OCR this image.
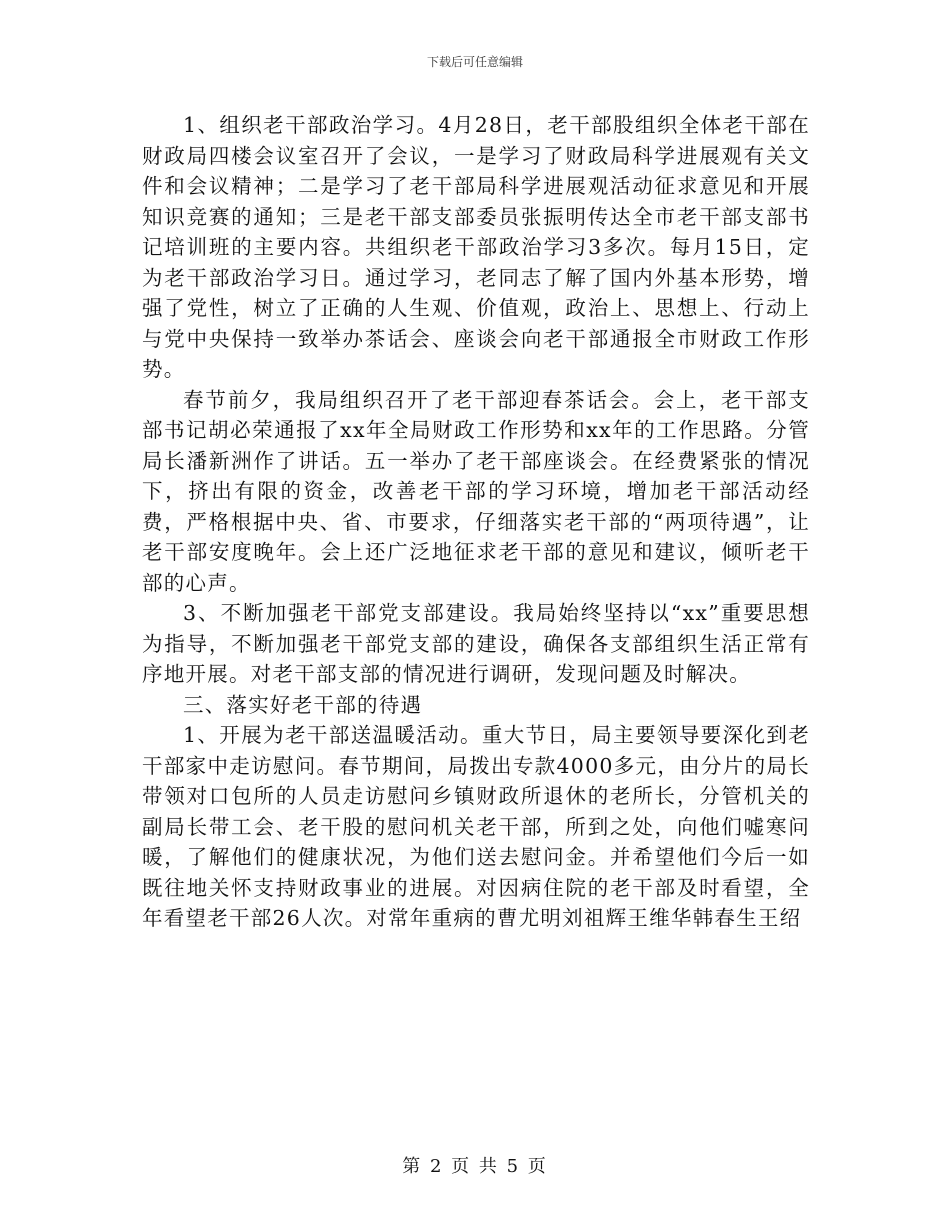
下载后可任意编辑

1、组织老干部政治学习。4月28日，老干部股组织全体老干部在财政局四楼会议室召开了会议，一是学习了财政局科学进展观有关文件和会议精神；二是学习了老干部局科学进展观活动征求意见和开展知识竞赛的通知；三是老干部支部委员张振明传达全市老干部支部书记培训班的主要内容。共组织老干部政治学习3多次。每月15日，定为老干部政治学习日。通过学习，老同志了解了国内外基本形势，增强了党性，树立了正确的人生观、价值观，政治上、思想上、行动上与党中央保持一致举办茶话会、座谈会向老干部通报全市财政工作形势。

春节前夕，我局组织召开了老干部迎春茶话会。会上，老干部支部书记胡必荣通报了xx年全局财政工作形势和xx年的工作思路。分管局长潘新洲作了讲话。五一举办了老干部座谈会。在经费紧张的情况下，挤出有限的资金，改善老干部的学习环境，增加老干部活动经费，严格根据中央、省、市要求，仔细落实老干部的“两项待遇”，让老干部安度晚年。会上还广泛地征求老干部的意见和建议，倾听老干部的心声。

3、不断加强老干部党支部建设。我局始终坚持以“xx”重要思想为指导，不断加强老干部党支部的建设，确保各支部组织生活正常有序地开展。对老干部支部的情况进行调研，发现问题及时解决。

三、落实好老干部的待遇

1、开展为老干部送温暖活动。重大节日，局主要领导要深化到老干部家中走访慰问。春节期间，局拨出专款4000多元，由分片的局长带领对口包所的人员走访慰问乡镇财政所退休的老所长，分管机关的副局长带工会、老干股的慰问机关老干部，所到之处，向他们嘘寒问暖，了解他们的健康状况，为他们送去慰问金。并希望他们今后一如既往地关怀支持财政事业的进展。对因病住院的老干部及时看望，全年看望老干部26人次。对常年重病的曹尤明刘祖辉王维华韩春生王绍

第 2 页 共 5 页
